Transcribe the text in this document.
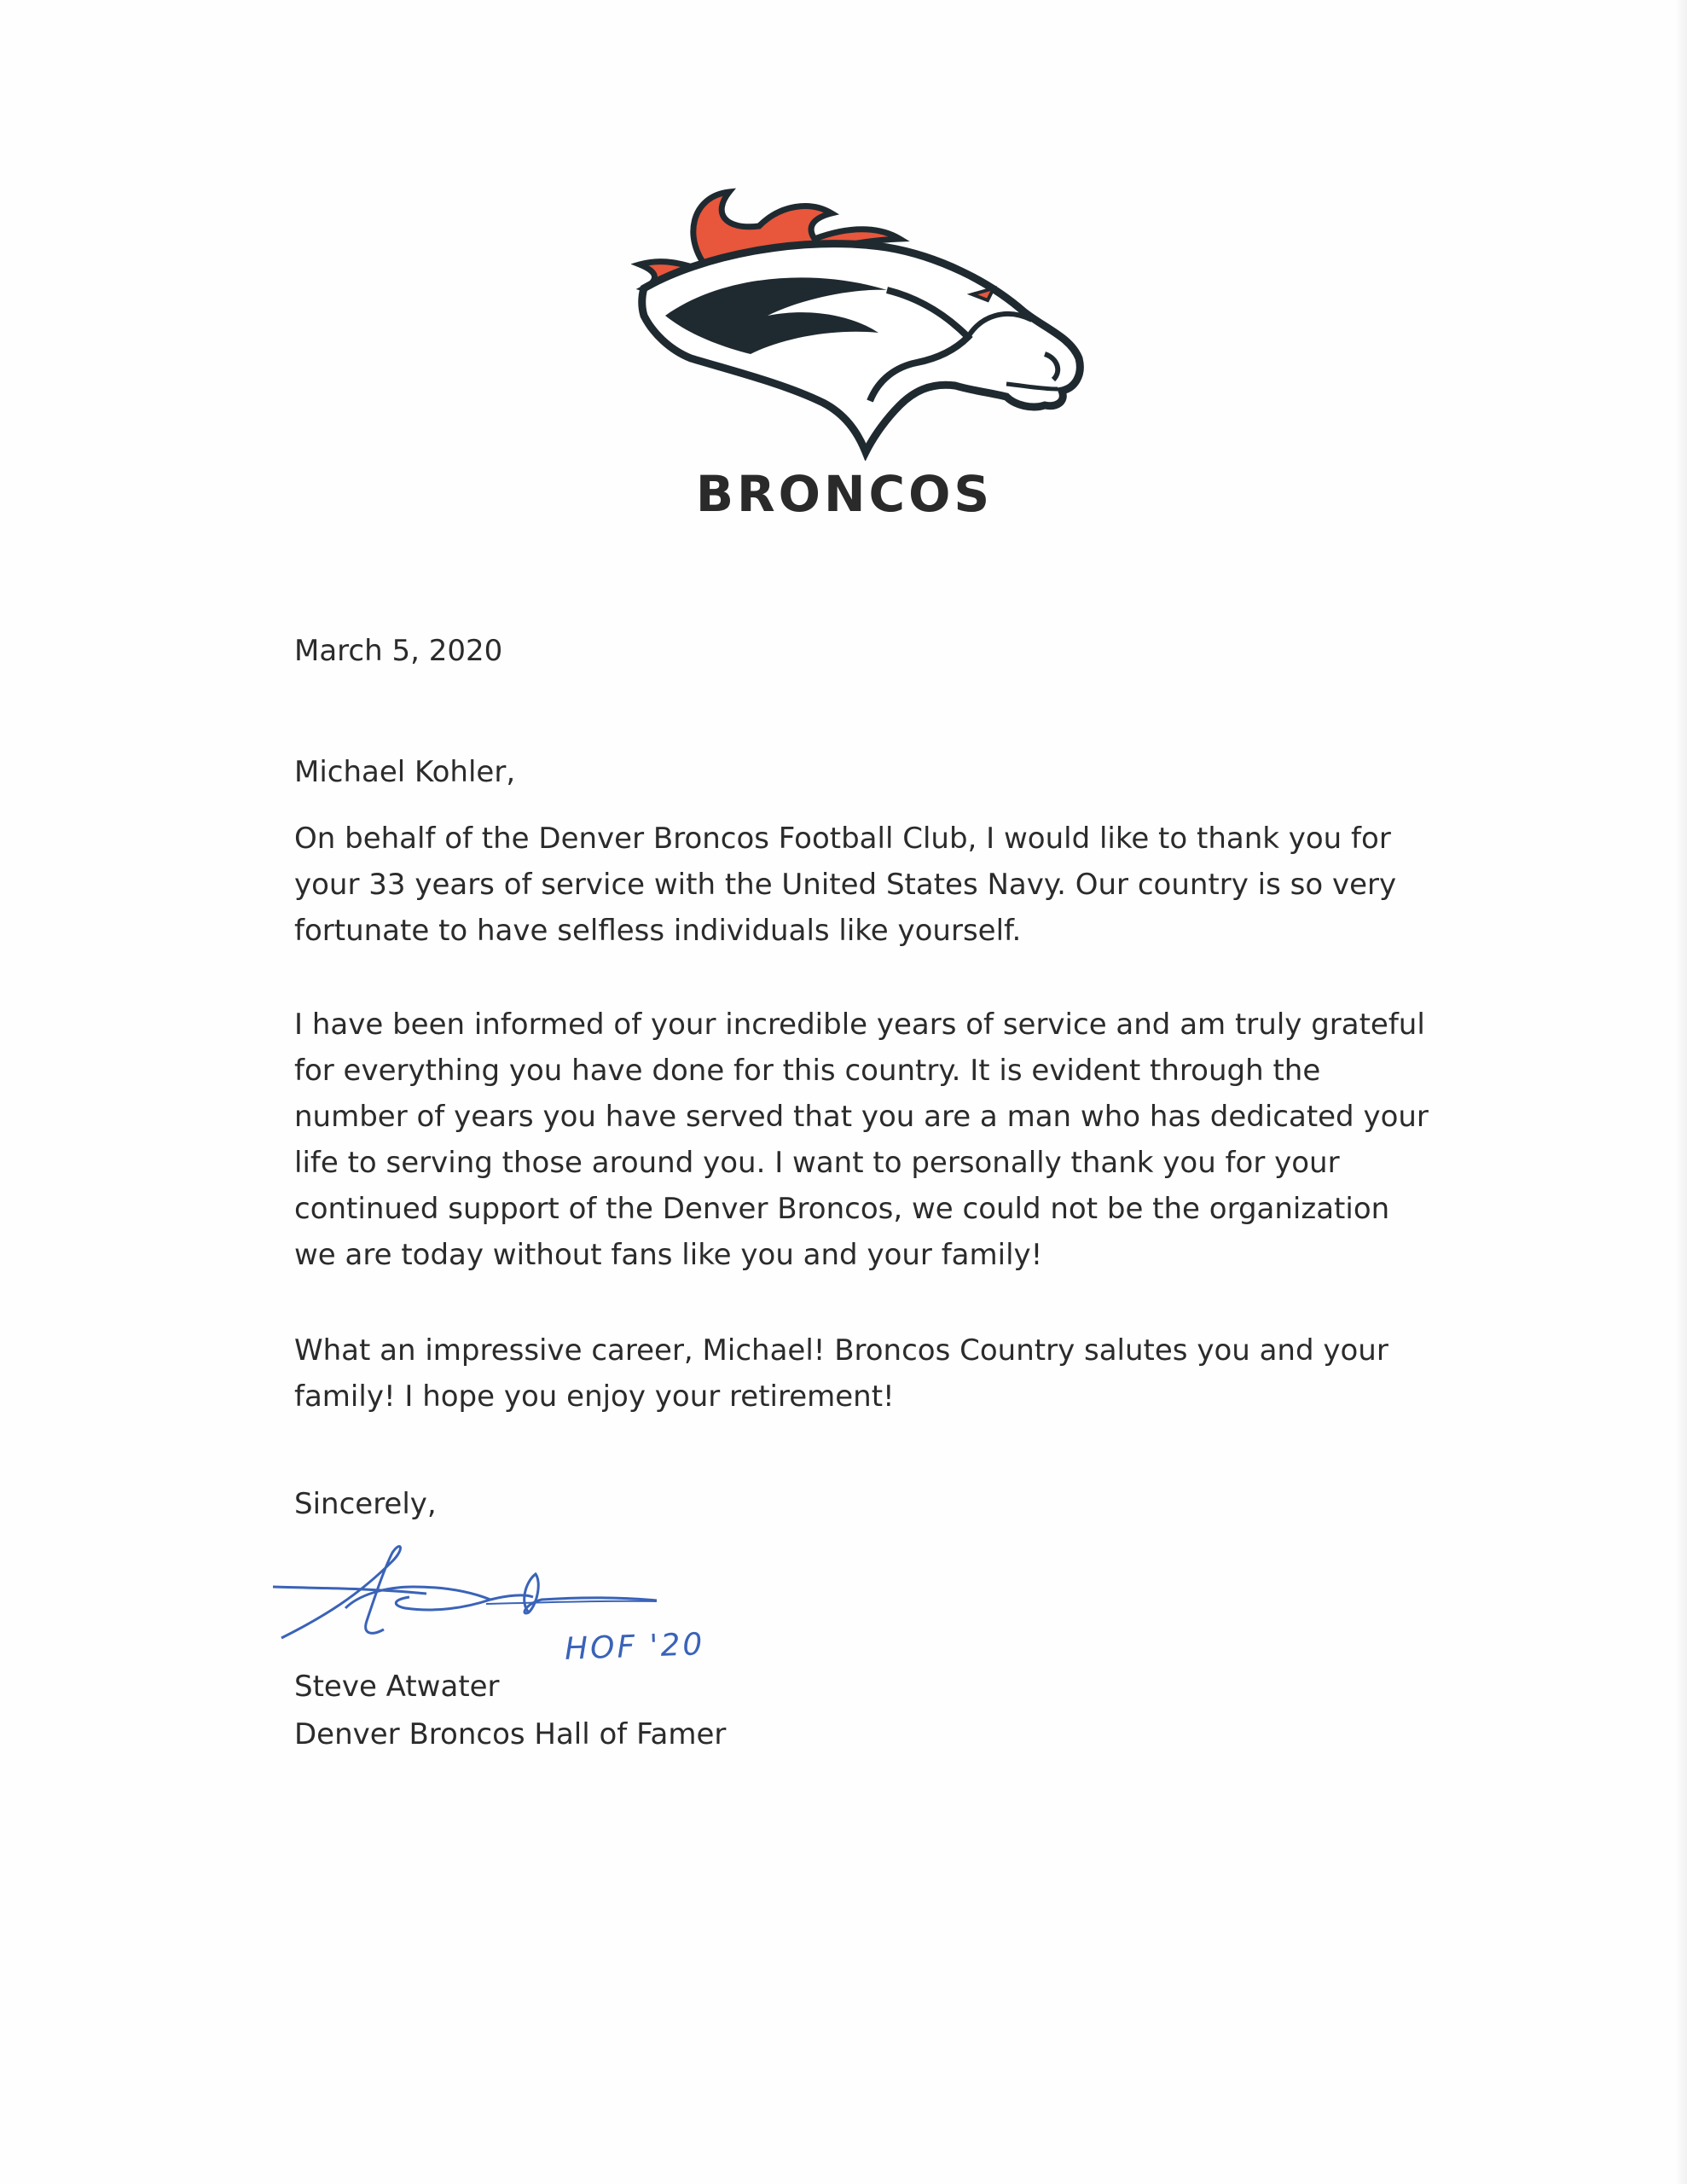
BRONCOS

March 5, 2020

Michael Kohler,

On behalf of the Denver Broncos Football Club, I would like to thank you for your 33 years of service with the United States Navy. Our country is so very fortunate to have selfless individuals like yourself.

I have been informed of your incredible years of service and am truly grateful for everything you have done for this country. It is evident through the number of years you have served that you are a man who has dedicated your life to serving those around you. I want to personally thank you for your continued support of the Denver Broncos, we could not be the organization we are today without fans like you and your family!

What an impressive career, Michael! Broncos Country salutes you and your family! I hope you enjoy your retirement!

Sincerely,

HOF '20

Steve Atwater

Denver Broncos Hall of Famer
